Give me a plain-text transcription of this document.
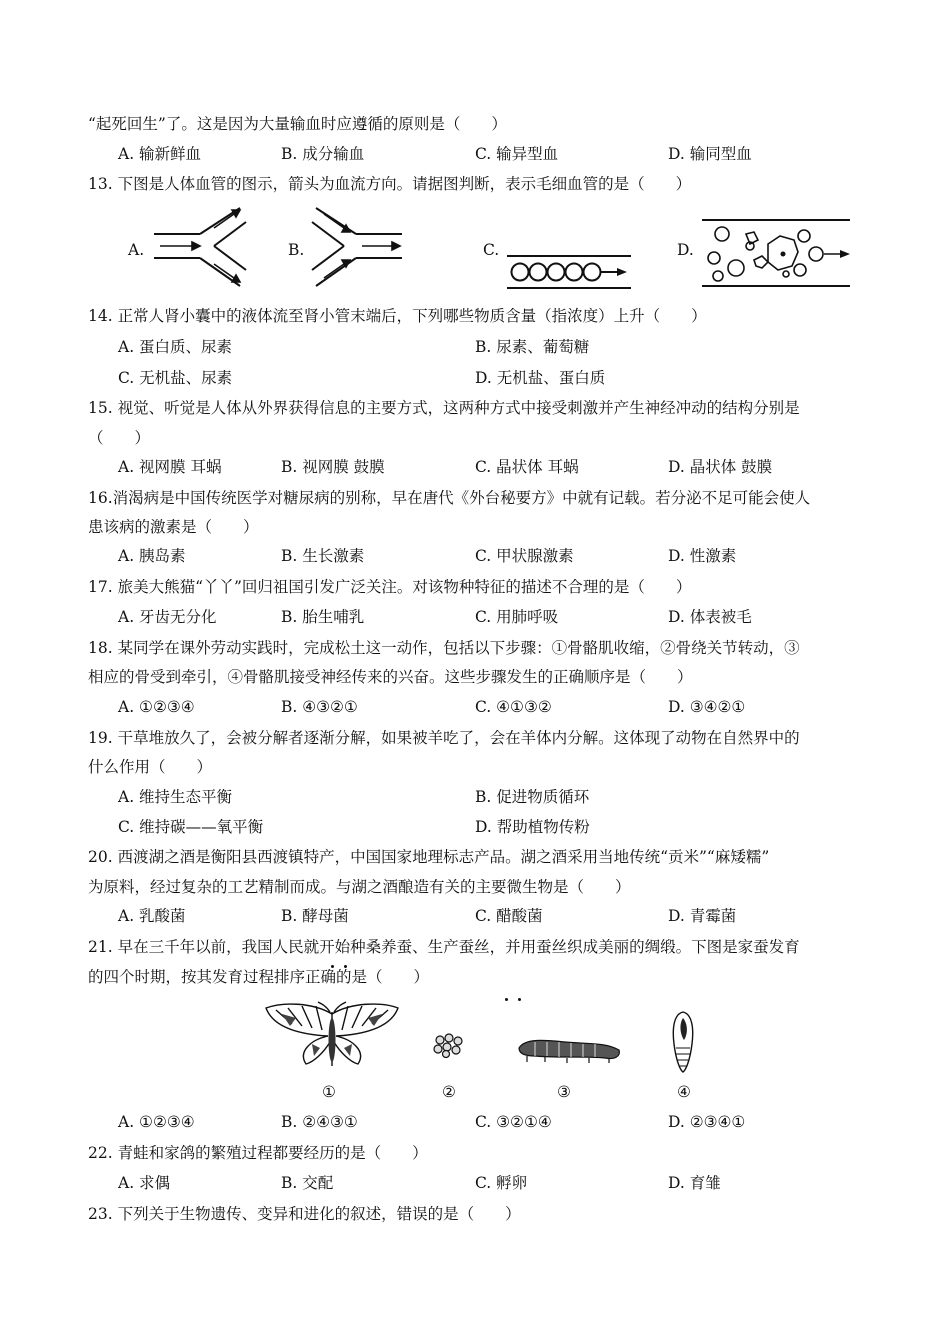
“起死回生”了。这是因为大量输血时应遵循的原则是（　　）
A. 输新鲜血	B. 成分输血	C. 输异型血	D. 输同型血
13. 下图是人体血管的图示，箭头为血流方向。请据图判断，表示毛细血管的是（　　）
A.	B.	C.	D.
14. 正常人肾小囊中的液体流至肾小管末端后，下列哪些物质含量（指浓度）上升（　　）
A. 蛋白质、尿素	B. 尿素、葡萄糖
C. 无机盐、尿素	D. 无机盐、蛋白质
15. 视觉、听觉是人体从外界获得信息的主要方式，这两种方式中接受刺激并产生神经冲动的结构分别是
（　　）
A. 视网膜 耳蜗	B. 视网膜 鼓膜	C. 晶状体 耳蜗	D. 晶状体 鼓膜
16.消渴病是中国传统医学对糖尿病的别称，早在唐代《外台秘要方》中就有记载。若分泌不足可能会使人
患该病的激素是（　　）
A. 胰岛素	B. 生长激素	C. 甲状腺激素	D. 性激素
17. 旅美大熊猫“丫丫”回归祖国引发广泛关注。对该物种特征的描述不合理的是（　　）
A. 牙齿无分化	B. 胎生哺乳	C. 用肺呼吸	D. 体表被毛
18. 某同学在课外劳动实践时，完成松土这一动作，包括以下步骤：①骨骼肌收缩，②骨绕关节转动，③
相应的骨受到牵引，④骨骼肌接受神经传来的兴奋。这些步骤发生的正确顺序是（　　）
A. ①②③④	B. ④③②①	C. ④①③②	D. ③④②①
19. 干草堆放久了，会被分解者逐渐分解，如果被羊吃了，会在羊体内分解。这体现了动物在自然界中的
什么作用（　　）
A. 维持生态平衡	B. 促进物质循环
C. 维持碳——氧平衡	D. 帮助植物传粉
20. 西渡湖之酒是衡阳县西渡镇特产，中国国家地理标志产品。湖之酒采用当地传统“贡米”“麻矮糯”
为原料，经过复杂的工艺精制而成。与湖之酒酿造有关的主要微生物是（　　）
A. 乳酸菌	B. 酵母菌	C. 醋酸菌	D. 青霉菌
21. 早在三千年以前，我国人民就开始种桑养蚕、生产蚕丝，并用蚕丝织成美丽的绸缎。下图是家蚕发育
的四个时期，按其发育过程排序正确的是（　　）
①	②	③	④
A. ①②③④	B. ②④③①	C. ③②①④	D. ②③④①
22. 青蛙和家鸽的繁殖过程都要经历的是（　　）
A. 求偶	B. 交配	C. 孵卵	D. 育雏
23. 下列关于生物遗传、变异和进化的叙述，错误的是（　　）
